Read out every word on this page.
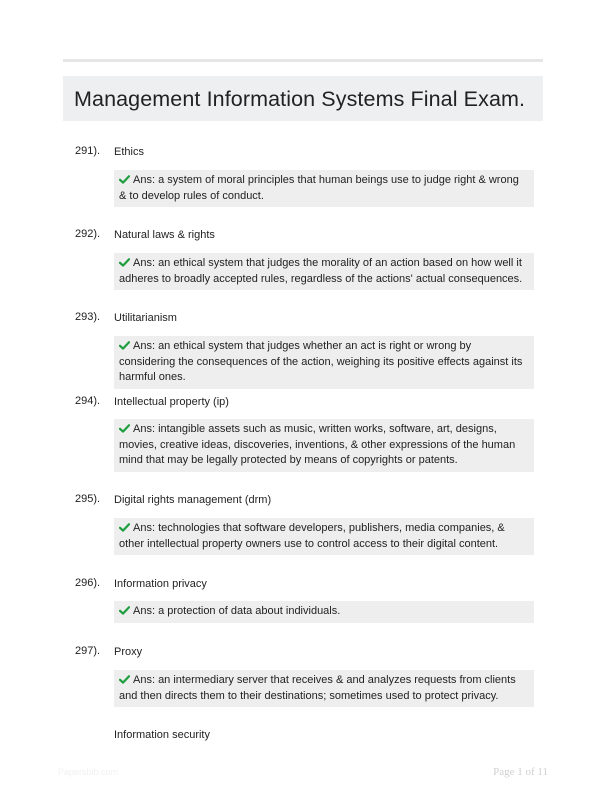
Management Information Systems Final Exam.
291). Ethics
Ans: a system of moral principles that human beings use to judge right & wrong & to develop rules of conduct.
292). Natural laws & rights
Ans: an ethical system that judges the morality of an action based on how well it adheres to broadly accepted rules, regardless of the actions' actual consequences.
293). Utilitarianism
Ans: an ethical system that judges whether an act is right or wrong by considering the consequences of the action, weighing its positive effects against its harmful ones.
294). Intellectual property (ip)
Ans: intangible assets such as music, written works, software, art, designs, movies, creative ideas, discoveries, inventions, & other expressions of the human mind that may be legally protected by means of copyrights or patents.
295). Digital rights management (drm)
Ans: technologies that software developers, publishers, media companies, & other intellectual property owners use to control access to their digital content.
296). Information privacy
Ans: a protection of data about individuals.
297). Proxy
Ans: an intermediary server that receives & and analyzes requests from clients and then directs them to their destinations; sometimes used to protect privacy.
Information security
Papersbib.com	Page 1 of 11
